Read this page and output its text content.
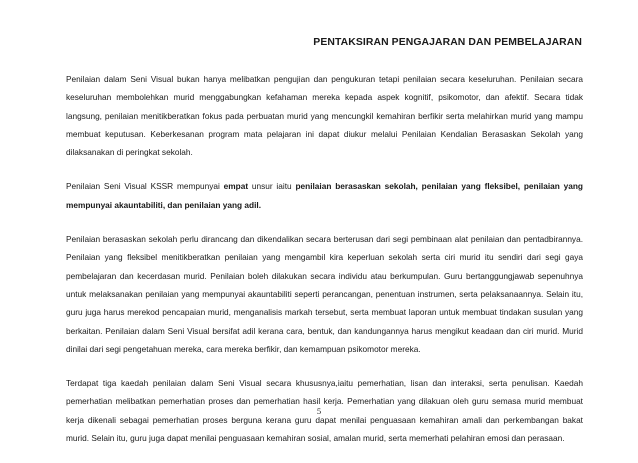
PENTAKSIRAN PENGAJARAN DAN PEMBELAJARAN

Penilaian dalam Seni Visual bukan hanya melibatkan pengujian dan pengukuran tetapi penilaian secara keseluruhan. Penilaian secara keseluruhan membolehkan murid menggabungkan kefahaman mereka kepada aspek kognitif, psikomotor, dan afektif. Secara tidak langsung, penilaian menitikberatkan fokus pada perbuatan murid yang mencungkil kemahiran berfikir serta melahirkan murid yang mampu membuat keputusan. Keberkesanan program mata pelajaran ini dapat diukur melalui Penilaian Kendalian Berasaskan Sekolah yang dilaksanakan di peringkat sekolah.

Penilaian Seni Visual KSSR mempunyai empat unsur iaitu penilaian berasaskan sekolah, penilaian yang fleksibel, penilaian yang mempunyai akauntabiliti, dan penilaian yang adil.

Penilaian berasaskan sekolah perlu dirancang dan dikendalikan secara berterusan dari segi pembinaan alat penilaian dan pentadbirannya. Penilaian yang fleksibel menitikberatkan penilaian yang mengambil kira keperluan sekolah serta ciri murid itu sendiri dari segi gaya pembelajaran dan kecerdasan murid. Penilaian boleh dilakukan secara individu atau berkumpulan. Guru bertanggungjawab sepenuhnya untuk melaksanakan penilaian yang mempunyai akauntabiliti seperti perancangan, penentuan instrumen, serta pelaksanaannya. Selain itu, guru juga harus merekod pencapaian murid, menganalisis markah tersebut, serta membuat laporan untuk membuat tindakan susulan yang berkaitan. Penilaian dalam Seni Visual bersifat adil kerana cara, bentuk, dan kandungannya harus mengikut keadaan dan ciri murid. Murid dinilai dari segi pengetahuan mereka, cara mereka berfikir, dan kemampuan psikomotor mereka.

Terdapat tiga kaedah penilaian dalam Seni Visual secara khususnya,iaitu pemerhatian, lisan dan interaksi, serta penulisan. Kaedah pemerhatian melibatkan pemerhatian proses dan pemerhatian hasil kerja. Pemerhatian yang dilakuan oleh guru semasa murid membuat kerja dikenali sebagai pemerhatian proses berguna kerana guru dapat menilai penguasaan kemahiran amali dan perkembangan bakat murid. Selain itu, guru juga dapat menilai penguasaan kemahiran sosial, amalan murid, serta memerhati pelahiran emosi dan perasaan.

5
